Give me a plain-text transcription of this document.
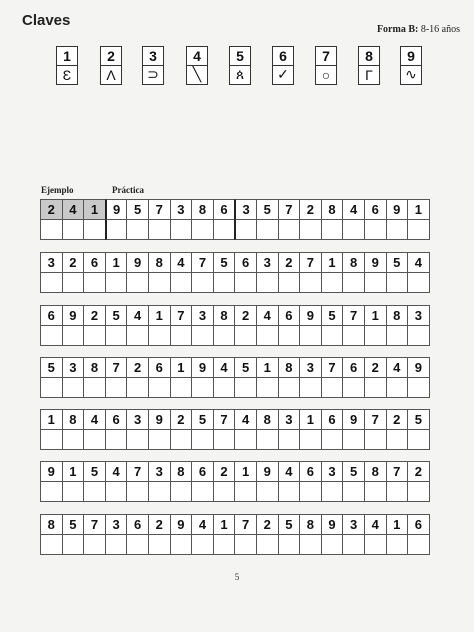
Claves
Forma B: 8-16 años
1
Ɛ
2
Λ
3
⊃
4
╲
5
ጰ
6
✓
7
○
8
Γ
9
∿
Ejemplo	Práctica
2	4	1	9	5	7	3	8	6	3	5	7	2	8	4	6	9	1
3	2	6	1	9	8	4	7	5	6	3	2	7	1	8	9	5	4
6	9	2	5	4	1	7	3	8	2	4	6	9	5	7	1	8	3
5	3	8	7	2	6	1	9	4	5	1	8	3	7	6	2	4	9
1	8	4	6	3	9	2	5	7	4	8	3	1	6	9	7	2	5
9	1	5	4	7	3	8	6	2	1	9	4	6	3	5	8	7	2
8	5	7	3	6	2	9	4	1	7	2	5	8	9	3	4	1	6
5
